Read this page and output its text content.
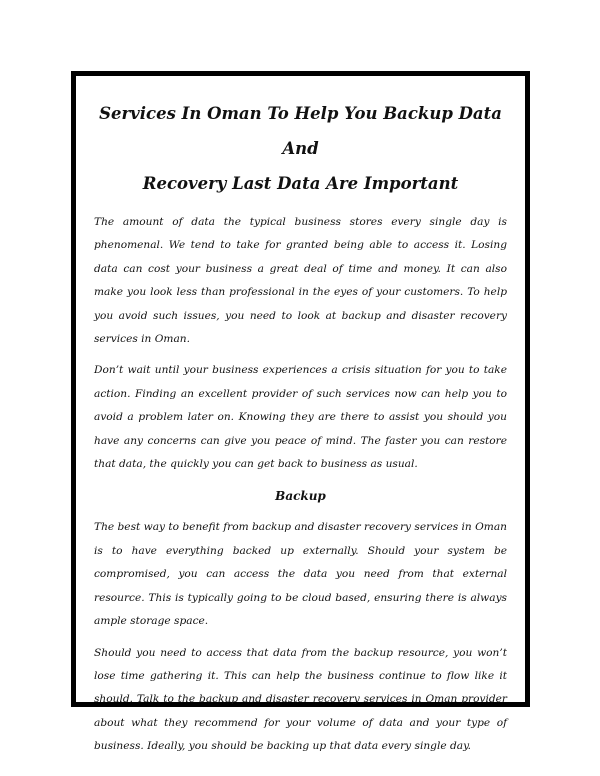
Services In Oman To Help You Backup Data And
Recovery Last Data Are Important

The amount of data the typical business stores every single day is phenomenal. We tend to take for granted being able to access it. Losing data can cost your business a great deal of time and money. It can also make you look less than professional in the eyes of your customers. To help you avoid such issues, you need to look at backup and disaster recovery services in Oman.

Don’t wait until your business experiences a crisis situation for you to take action. Finding an excellent provider of such services now can help you to avoid a problem later on. Knowing they are there to assist you should you have any concerns can give you peace of mind. The faster you can restore that data, the quickly you can get back to business as usual.

Backup

The best way to benefit from backup and disaster recovery services in Oman is to have everything backed up externally. Should your system be compromised, you can access the data you need from that external resource. This is typically going to be cloud based, ensuring there is always ample storage space.

Should you need to access that data from the backup resource, you won’t lose time gathering it. This can help the business continue to flow like it should. Talk to the backup and disaster recovery services in Oman provider about what they recommend for your volume of data and your type of business. Ideally, you should be backing up that data every single day.
